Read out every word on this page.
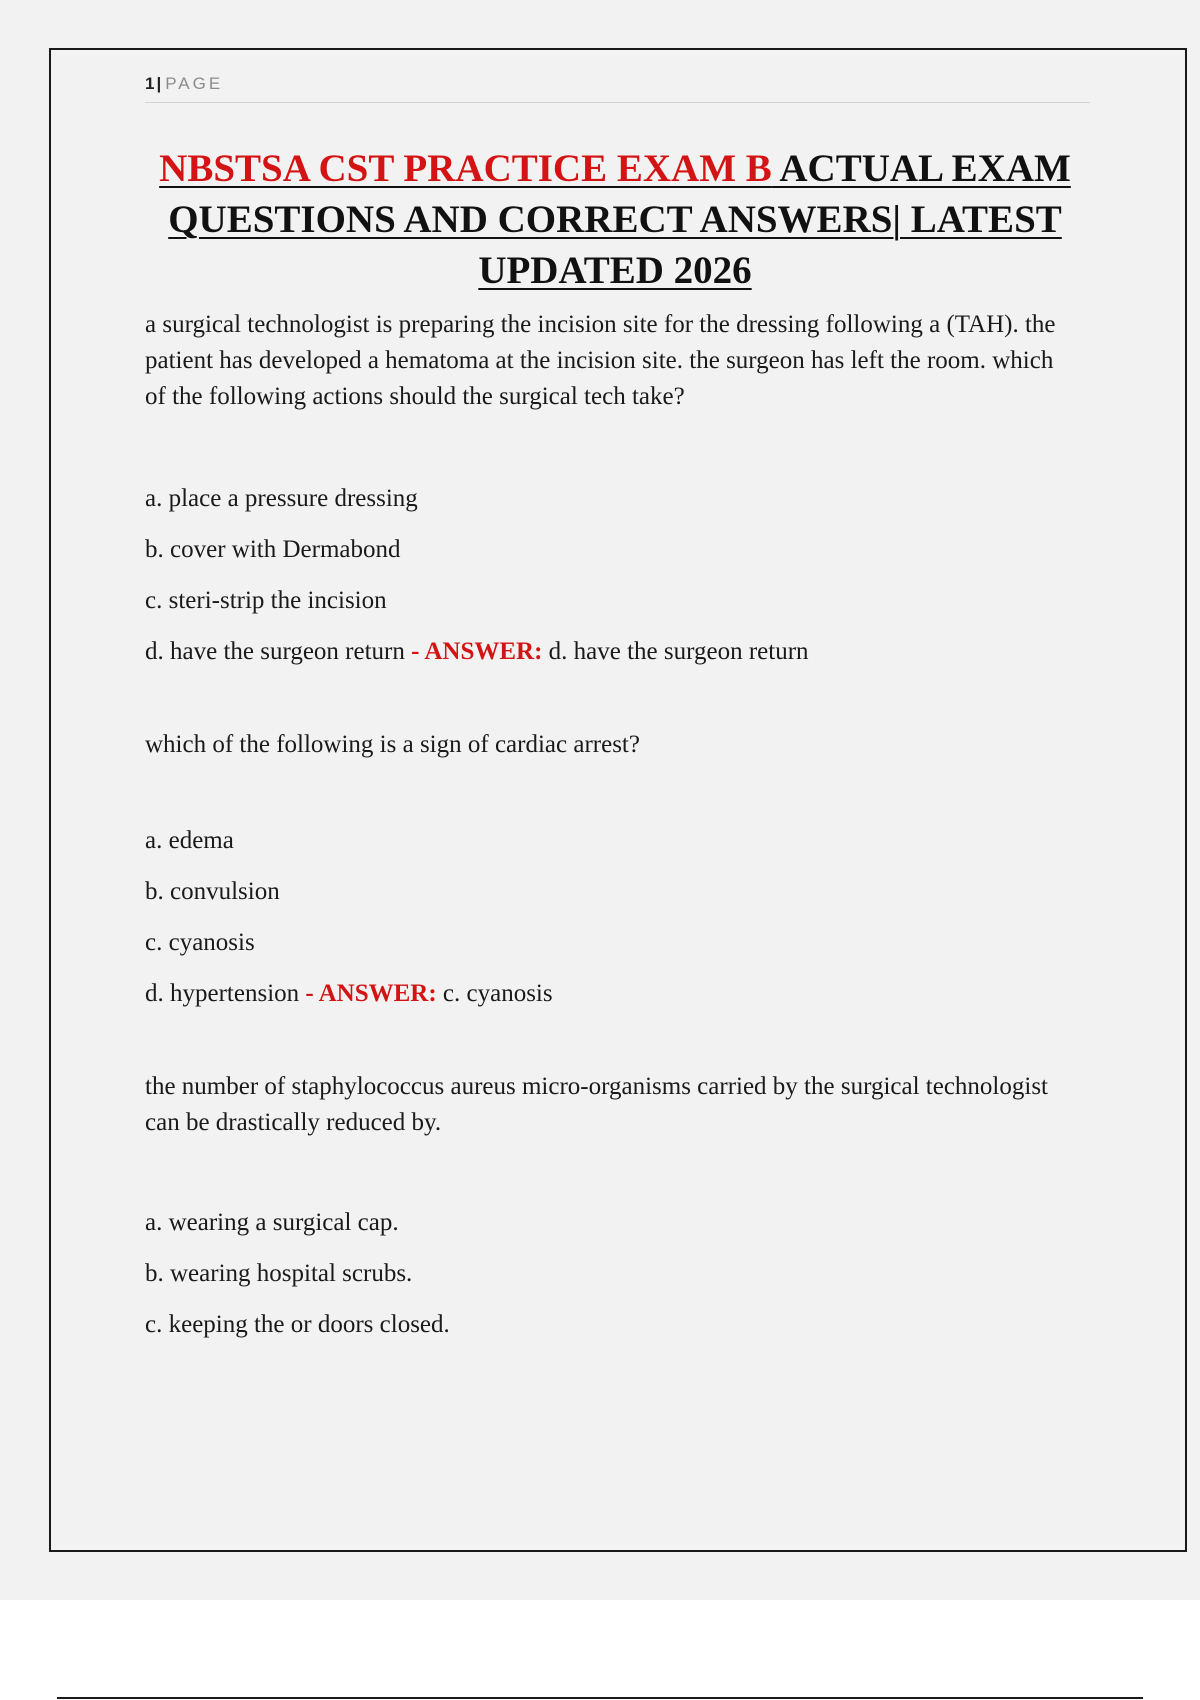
1 | PAGE
NBSTSA CST PRACTICE EXAM B ACTUAL EXAM QUESTIONS AND CORRECT ANSWERS| LATEST UPDATED 2026

a surgical technologist is preparing the incision site for the dressing following a (TAH). the patient has developed a hematoma at the incision site. the surgeon has left the room. which of the following actions should the surgical tech take?

a. place a pressure dressing
b. cover with Dermabond
c. steri-strip the incision
d. have the surgeon return - ANSWER: d. have the surgeon return

which of the following is a sign of cardiac arrest?

a. edema
b. convulsion
c. cyanosis
d. hypertension - ANSWER: c. cyanosis

the number of staphylococcus aureus micro-organisms carried by the surgical technologist can be drastically reduced by.

a. wearing a surgical cap.
b. wearing hospital scrubs.
c. keeping the or doors closed.
